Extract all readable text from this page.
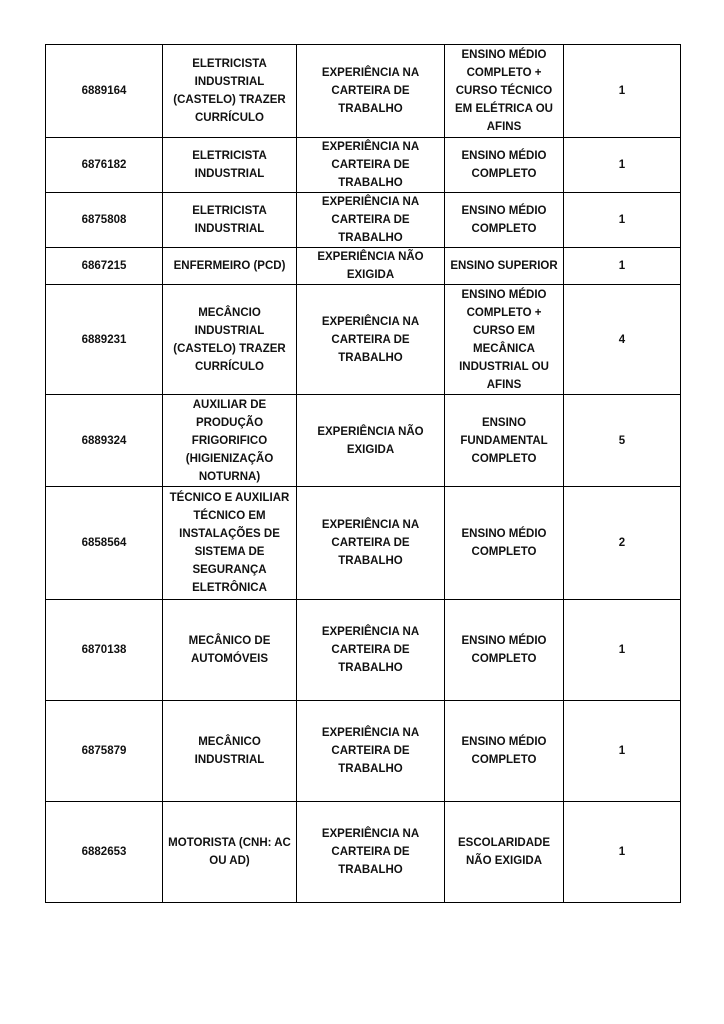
6889164	ELETRICISTA INDUSTRIAL (CASTELO) TRAZER CURRÍCULO	EXPERIÊNCIA NA CARTEIRA DE TRABALHO	ENSINO MÉDIO COMPLETO + CURSO TÉCNICO EM ELÉTRICA OU AFINS	1
6876182	ELETRICISTA INDUSTRIAL	EXPERIÊNCIA NA CARTEIRA DE TRABALHO	ENSINO MÉDIO COMPLETO	1
6875808	ELETRICISTA INDUSTRIAL	EXPERIÊNCIA NA CARTEIRA DE TRABALHO	ENSINO MÉDIO COMPLETO	1
6867215	ENFERMEIRO (PCD)	EXPERIÊNCIA NÃO EXIGIDA	ENSINO SUPERIOR	1
6889231	MECÂNCIO INDUSTRIAL (CASTELO) TRAZER CURRÍCULO	EXPERIÊNCIA NA CARTEIRA DE TRABALHO	ENSINO MÉDIO COMPLETO + CURSO EM MECÂNICA INDUSTRIAL OU AFINS	4
6889324	AUXILIAR DE PRODUÇÃO FRIGORIFICO (HIGIENIZAÇÃO NOTURNA)	EXPERIÊNCIA NÃO EXIGIDA	ENSINO FUNDAMENTAL COMPLETO	5
6858564	TÉCNICO E AUXILIAR TÉCNICO EM INSTALAÇÕES DE SISTEMA DE SEGURANÇA ELETRÔNICA	EXPERIÊNCIA NA CARTEIRA DE TRABALHO	ENSINO MÉDIO COMPLETO	2
6870138	MECÂNICO DE AUTOMÓVEIS	EXPERIÊNCIA NA CARTEIRA DE TRABALHO	ENSINO MÉDIO COMPLETO	1
6875879	MECÂNICO INDUSTRIAL	EXPERIÊNCIA NA CARTEIRA DE TRABALHO	ENSINO MÉDIO COMPLETO	1
6882653	MOTORISTA (CNH: AC OU AD)	EXPERIÊNCIA NA CARTEIRA DE TRABALHO	ESCOLARIDADE NÃO EXIGIDA	1
